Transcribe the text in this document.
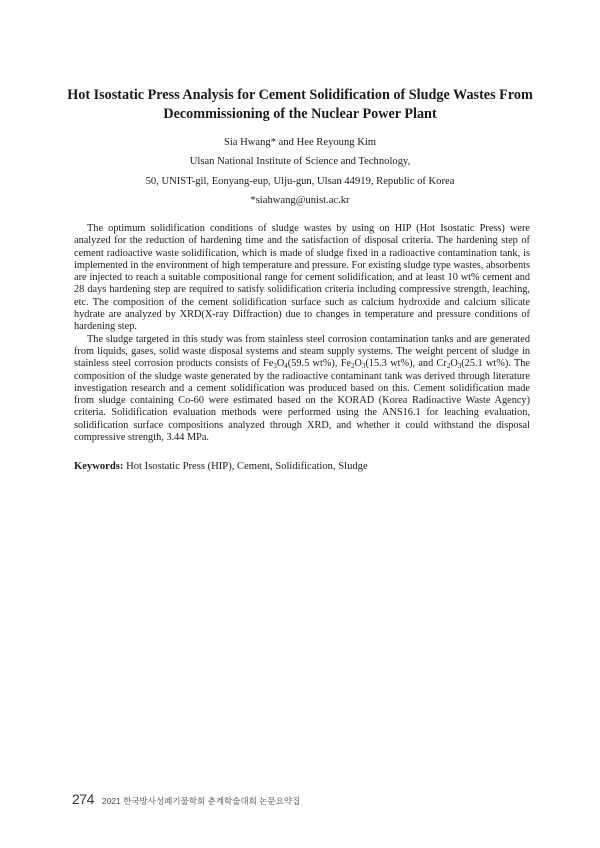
Hot Isostatic Press Analysis for Cement Solidification of Sludge Wastes From Decommissioning of the Nuclear Power Plant
Sia Hwang* and Hee Reyoung Kim
Ulsan National Institute of Science and Technology,
50, UNIST-gil, Eonyang-eup, Ulju-gun, Ulsan 44919, Republic of Korea
*siahwang@unist.ac.kr

The optimum solidification conditions of sludge wastes by using on HIP (Hot Isostatic Press) were analyzed for the reduction of hardening time and the satisfaction of disposal criteria. The hardening step of cement radioactive waste solidification, which is made of sludge fixed in a radioactive contamination tank, is implemented in the environment of high temperature and pressure. For existing sludge type wastes, absorbents are injected to reach a suitable compositional range for cement solidification, and at least 10 wt% cement and 28 days hardening step are required to satisfy solidification criteria including compressive strength, leaching, etc. The composition of the cement solidification surface such as calcium hydroxide and calcium silicate hydrate are analyzed by XRD(X-ray Diffraction) due to changes in temperature and pressure conditions of hardening step.

The sludge targeted in this study was from stainless steel corrosion contamination tanks and are generated from liquids, gases, solid waste disposal systems and steam supply systems. The weight percent of sludge in stainless steel corrosion products consists of $Fe_3O_4(59.5$ wt%), $Fe_2O_3(15.3$ wt%), and $Cr_2O_3(25.1$ wt%). The composition of the sludge waste generated by the radioactive contaminant tank was derived through literature investigation research and a cement solidification was produced based on this. Cement solidification made from sludge containing Co-60 were estimated based on the KORAD (Korea Radioactive Waste Agency) criteria. Solidification evaluation methods were performed using the ANS16.1 for leaching evaluation, solidification surface compositions analyzed through XRD, and whether it could withstand the disposal compressive strength, 3.44 MPa.

Keywords: Hot Isostatic Press (HIP), Cement, Solidification, Sludge
274 2021 한국방사성폐기물학회 춘계학술대회 논문요약집
